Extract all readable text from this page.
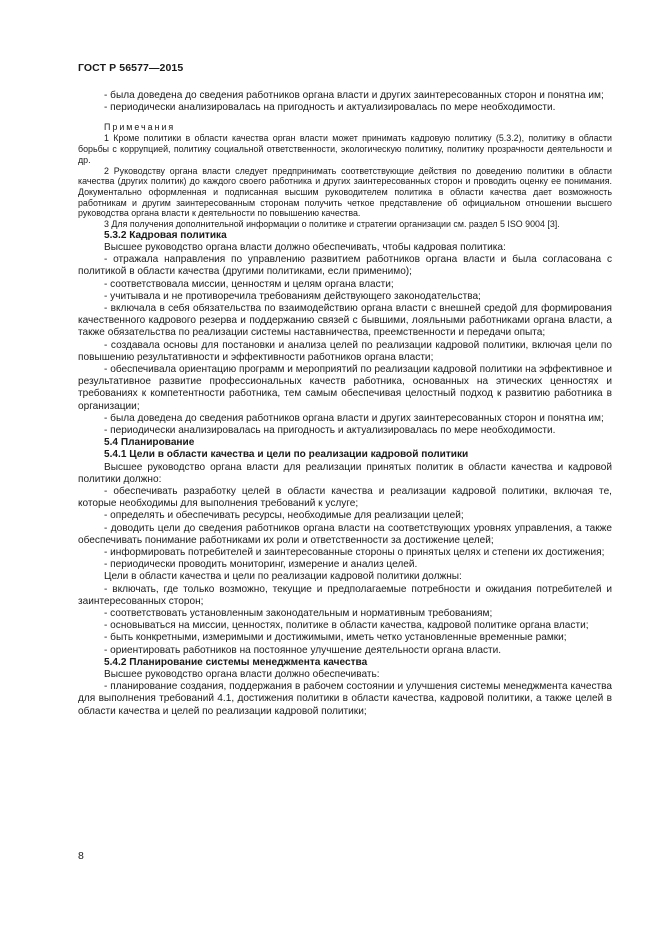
ГОСТ Р 56577—2015

- была доведена до сведения работников органа власти и других заинтересованных сторон и понятна им;

- периодически анализировалась на пригодность и актуализировалась по мере необходимости.

Примечания

1 Кроме политики в области качества орган власти может принимать кадровую политику (5.3.2), политику в области борьбы с коррупцией, политику социальной ответственности, экологическую политику, политику прозрачности деятельности и др.

2 Руководству органа власти следует предпринимать соответствующие действия по доведению политики в области качества (других политик) до каждого своего работника и других заинтересованных сторон и проводить оценку ее понимания. Документально оформленная и подписанная высшим руководителем политика в области качества дает возможность работникам и другим заинтересованным сторонам получить четкое представление об официальном отношении высшего руководства органа власти к деятельности по повышению качества.

3 Для получения дополнительной информации о политике и стратегии организации см. раздел 5 ISO 9004 [3].

5.3.2 Кадровая политика

Высшее руководство органа власти должно обеспечивать, чтобы кадровая политика:

- отражала направления по управлению развитием работников органа власти и была согласована с политикой в области качества (другими политиками, если применимо);

- соответствовала миссии, ценностям и целям органа власти;

- учитывала и не противоречила требованиям действующего законодательства;

- включала в себя обязательства по взаимодействию органа власти с внешней средой для формирования качественного кадрового резерва и поддержанию связей с бывшими, лояльными работниками органа власти, а также обязательства по реализации системы наставничества, преемственности и передачи опыта;

- создавала основы для постановки и анализа целей по реализации кадровой политики, включая цели по повышению результативности и эффективности работников органа власти;

- обеспечивала ориентацию программ и мероприятий по реализации кадровой политики на эффективное и результативное развитие профессиональных качеств работника, основанных на этических ценностях и требованиях к компетентности работника, тем самым обеспечивая целостный подход к развитию работника в организации;

- была доведена до сведения работников органа власти и других заинтересованных сторон и понятна им;

- периодически анализировалась на пригодность и актуализировалась по мере необходимости.

5.4 Планирование

5.4.1 Цели в области качества и цели по реализации кадровой политики

Высшее руководство органа власти для реализации принятых политик в области качества и кадровой политики должно:

- обеспечивать разработку целей в области качества и реализации кадровой политики, включая те, которые необходимы для выполнения требований к услуге;

- определять и обеспечивать ресурсы, необходимые для реализации целей;

- доводить цели до сведения работников органа власти на соответствующих уровнях управления, а также обеспечивать понимание работниками их роли и ответственности за достижение целей;

- информировать потребителей и заинтересованные стороны о принятых целях и степени их достижения;

- периодически проводить мониторинг, измерение и анализ целей.

Цели в области качества и цели по реализации кадровой политики должны:

- включать, где только возможно, текущие и предполагаемые потребности и ожидания потребителей и заинтересованных сторон;

- соответствовать установленным законодательным и нормативным требованиям;

- основываться на миссии, ценностях, политике в области качества, кадровой политике органа власти;

- быть конкретными, измеримыми и достижимыми, иметь четко установленные временные рамки;

- ориентировать работников на постоянное улучшение деятельности органа власти.

5.4.2 Планирование системы менеджмента качества

Высшее руководство органа власти должно обеспечивать:

- планирование создания, поддержания в рабочем состоянии и улучшения системы менеджмента качества для выполнения требований 4.1, достижения политики в области качества, кадровой политики, а также целей в области качества и целей по реализации кадровой политики;

8
